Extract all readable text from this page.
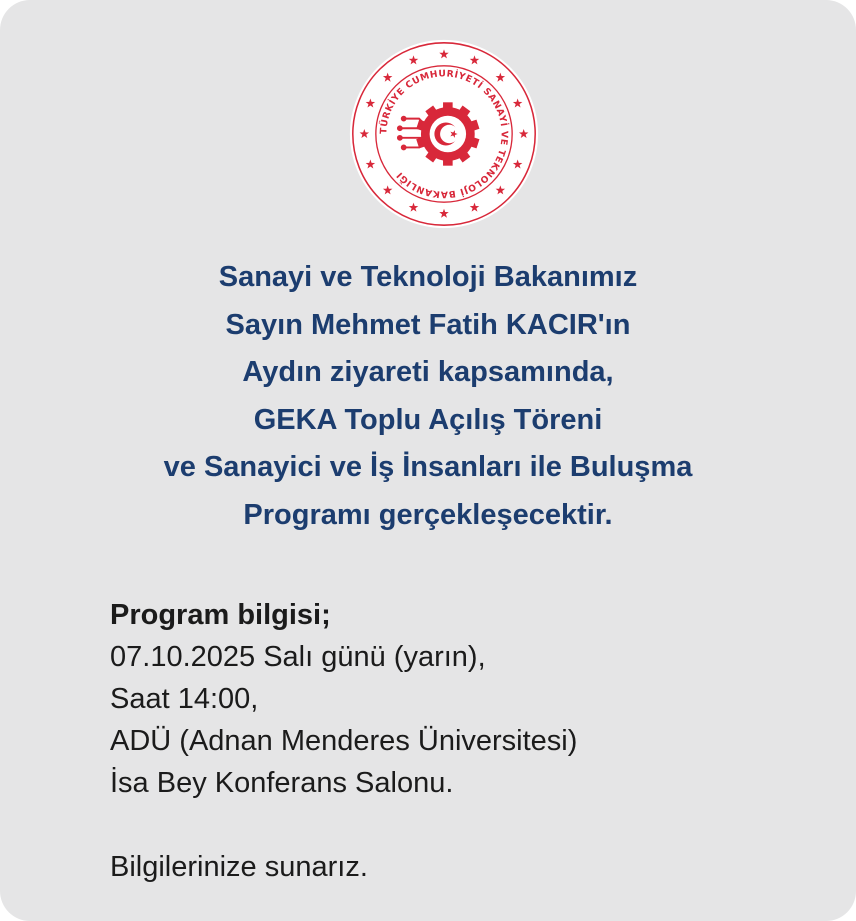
TÜRKİYE CUMHURİYETİ SANAYİ VE TEKNOLOJİ BAKANLIĞI
Sanayi ve Teknoloji Bakanımız
Sayın Mehmet Fatih KACIR'ın
Aydın ziyareti kapsamında,
GEKA Toplu Açılış Töreni
ve Sanayici ve İş İnsanları ile Buluşma
Programı gerçekleşecektir.
Program bilgisi;
07.10.2025 Salı günü (yarın),
Saat 14:00,
ADÜ (Adnan Menderes Üniversitesi)
İsa Bey Konferans Salonu.
Bilgilerinize sunarız.
